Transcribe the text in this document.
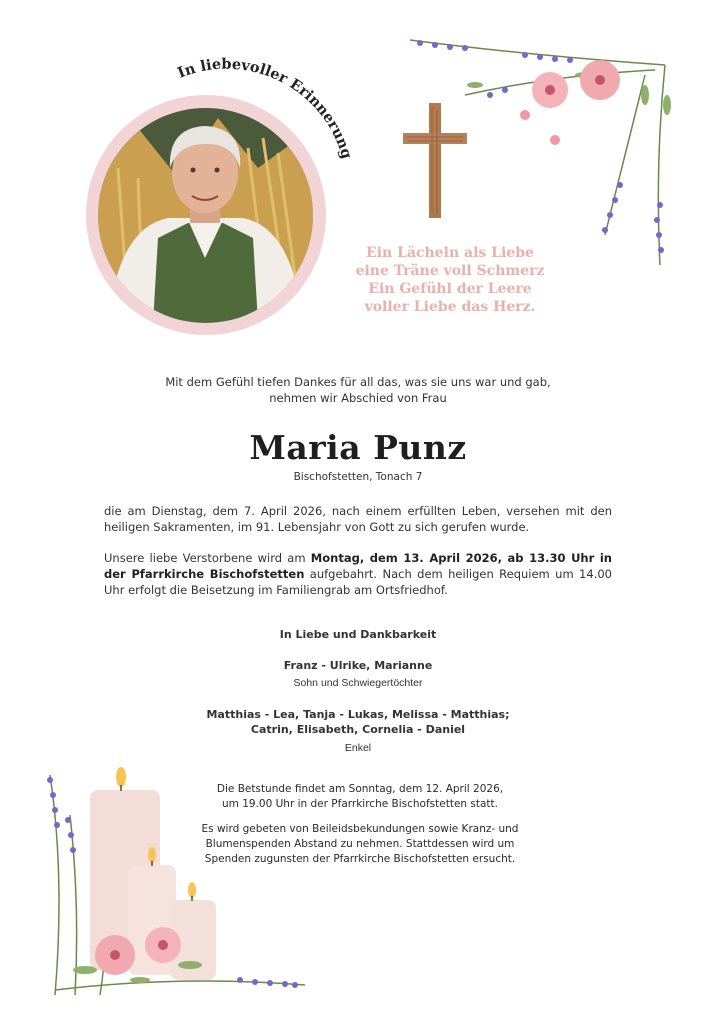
In liebevoller Erinnerung
Ein Lächeln als Liebe
eine Träne voll Schmerz
Ein Gefühl der Leere
voller Liebe das Herz.
Mit dem Gefühl tiefen Dankes für all das, was sie uns war und gab,
nehmen wir Abschied von Frau
Maria Punz
Bischofstetten, Tonach 7
die am Dienstag, dem 7. April 2026, nach einem erfüllten Leben, versehen mit den heiligen Sakramenten, im 91. Lebensjahr von Gott zu sich gerufen wurde.
Unsere liebe Verstorbene wird am Montag, dem 13. April 2026, ab 13.30 Uhr in der Pfarrkirche Bischofstetten aufgebahrt. Nach dem heiligen Requiem um 14.00 Uhr erfolgt die Beisetzung im Familiengrab am Ortsfriedhof.
In Liebe und Dankbarkeit
Franz - Ulrike, Marianne
Sohn und Schwiegertöchter
Matthias - Lea, Tanja - Lukas, Melissa - Matthias;
Catrin, Elisabeth, Cornelia - Daniel
Enkel
Die Betstunde findet am Sonntag, dem 12. April 2026,
um 19.00 Uhr in der Pfarrkirche Bischofstetten statt.
Es wird gebeten von Beileidsbekundungen sowie Kranz- und
Blumenspenden Abstand zu nehmen. Stattdessen wird um
Spenden zugunsten der Pfarrkirche Bischofstetten ersucht.
